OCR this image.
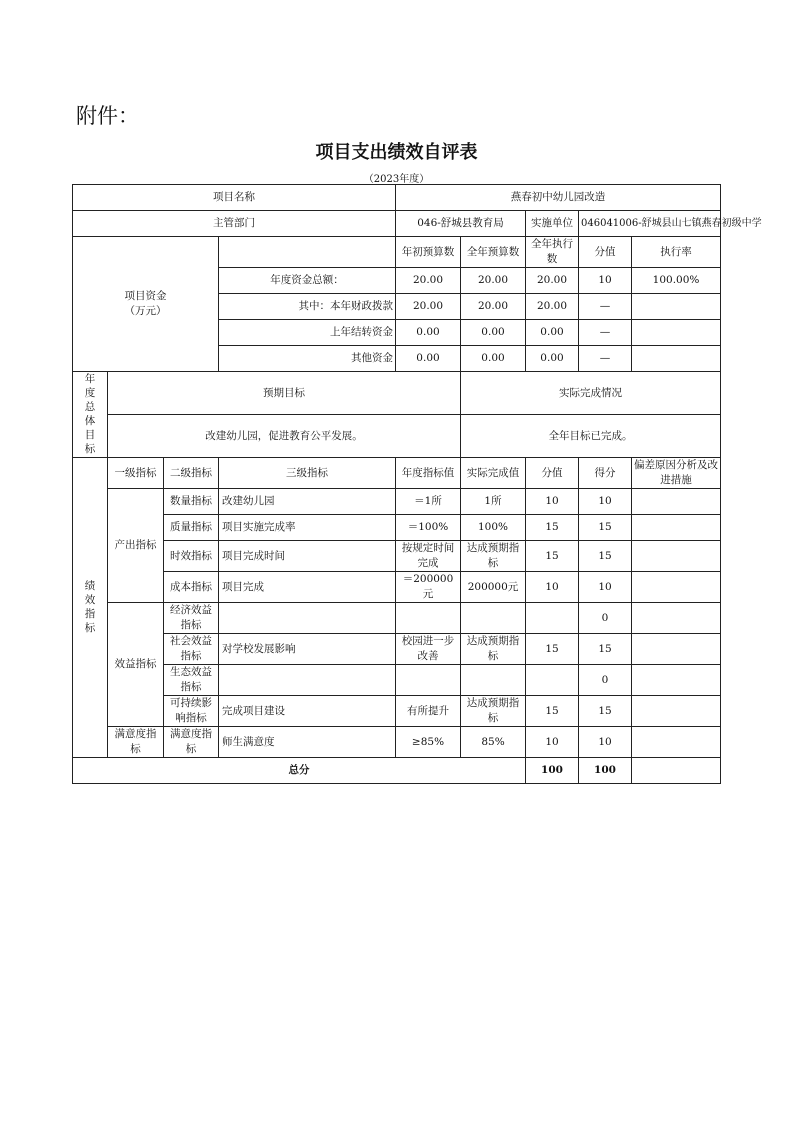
附件：
项目支出绩效自评表
（2023年度）
项目名称				燕春初中幼儿园改造					
主管部门				046-舒城县教育局		实施单位	046041006-舒城县山七镇燕春初级中学		
项目资金
（万元）				年初预算数	全年预算数	全年执行数	分值	执行率	
			年度资金总额：	20.00	20.00	20.00	10	100.00%	
			其中：本年财政拨款	20.00	20.00	20.00	—		
			上年结转资金	0.00	0.00	0.00	—		
			其他资金	0.00	0.00	0.00	—		
年度总体目标	预期目标				实际完成情况				
	改建幼儿园，促进教育公平发展。				全年目标已完成。				
绩效指标	一级指标	二级指标	三级指标	年度指标值	实际完成值	分值	得分	偏差原因分析及改进措施	
	产出指标	数量指标	改建幼儿园	＝1所	1所	10	10		
		质量指标	项目实施完成率	＝100%	100%	15	15		
		时效指标	项目完成时间	按规定时间完成	达成预期指标	15	15		
		成本指标	项目完成	＝200000元	200000元	10	10		
	效益指标	经济效益指标					0		
		社会效益指标	对学校发展影响	校园进一步改善	达成预期指标	15	15		
		生态效益指标					0		
		可持续影响指标	完成项目建设	有所提升	达成预期指标	15	15		
	满意度指标	满意度指标	师生满意度	≥85%	85%	10	10		
总分						100	100		
